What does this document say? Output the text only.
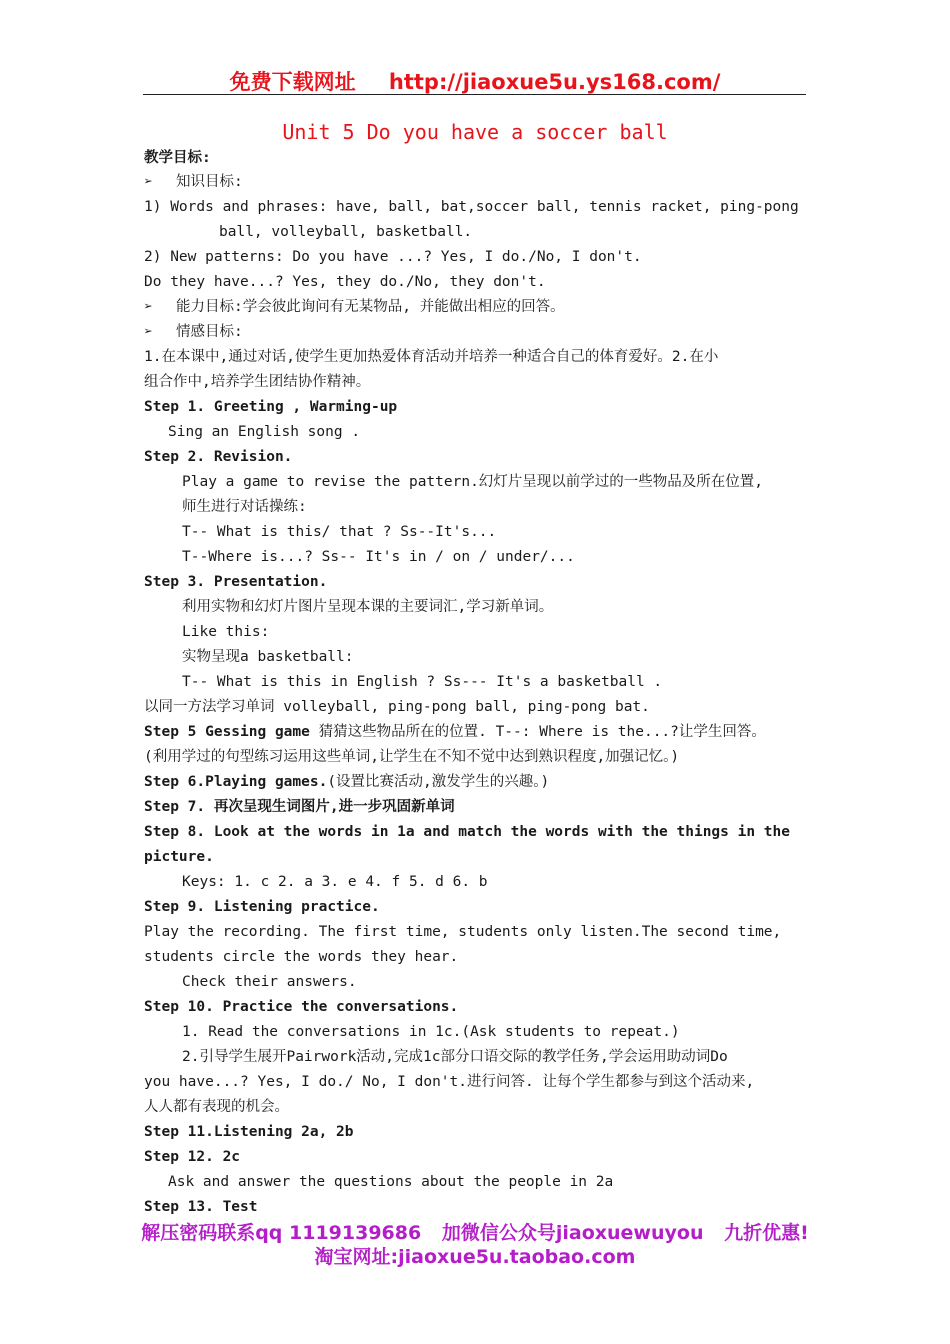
免费下载网址 http://jiaoxue5u.ys168.com/
Unit 5 Do you have a soccer ball
教学目标:
➢ 知识目标:
1) Words and phrases: have, ball, bat,soccer ball, tennis racket, ping-pong
ball, volleyball, basketball.
2) New patterns: Do you have ...? Yes, I do./No, I don't.
Do they have...? Yes, they do./No, they don't.
➢ 能力目标:学会彼此询问有无某物品, 并能做出相应的回答。
➢ 情感目标:
1.在本课中,通过对话,使学生更加热爱体育活动并培养一种适合自己的体育爱好。2.在小
组合作中,培养学生团结协作精神。
Step 1. Greeting , Warming-up
Sing an English song .
Step 2. Revision.
Play a game to revise the pattern.幻灯片呈现以前学过的一些物品及所在位置,
师生进行对话操练:
T-- What is this/ that ? Ss--It's...
T--Where is...? Ss-- It's in / on / under/...
Step 3. Presentation.
利用实物和幻灯片图片呈现本课的主要词汇,学习新单词。
Like this:
实物呈现a basketball:
T-- What is this in English ? Ss--- It's a basketball .
以同一方法学习单词 volleyball, ping-pong ball, ping-pong bat.
Step 5 Gessing game 猜猜这些物品所在的位置. T--: Where is the...?让学生回答。
(利用学过的句型练习运用这些单词,让学生在不知不觉中达到熟识程度,加强记忆。)
Step 6.Playing games.(设置比赛活动,激发学生的兴趣。)
Step 7. 再次呈现生词图片,进一步巩固新单词
Step 8. Look at the words in 1a and match the words with the things in the
picture.
Keys: 1. c 2. a 3. e 4. f 5. d 6. b
Step 9. Listening practice.
Play the recording. The first time, students only listen.The second time,
students circle the words they hear.
Check their answers.
Step 10. Practice the conversations.
1. Read the conversations in 1c.(Ask students to repeat.)
2.引导学生展开Pairwork活动,完成1c部分口语交际的教学任务,学会运用助动词Do
you have...? Yes, I do./ No, I don't.进行问答. 让每个学生都参与到这个活动来,
人人都有表现的机会。
Step 11.Listening 2a, 2b
Step 12. 2c
Ask and answer the questions about the people in 2a
Step 13. Test
解压密码联系qq 1119139686 加微信公众号jiaoxuewuyou 九折优惠!
淘宝网址:jiaoxue5u.taobao.com
